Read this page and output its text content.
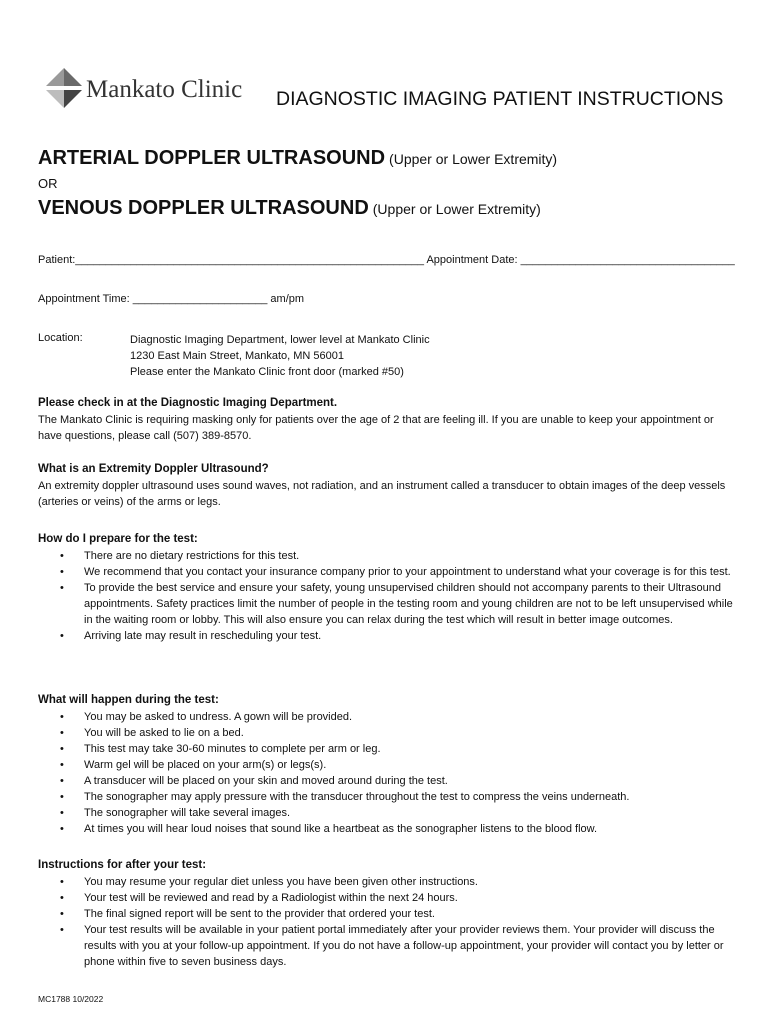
Mankato Clinic DIAGNOSTIC IMAGING PATIENT INSTRUCTIONS
ARTERIAL DOPPLER ULTRASOUND (Upper or Lower Extremity)
OR
VENOUS DOPPLER ULTRASOUND (Upper or Lower Extremity)
Patient:_________________________________________________________ Appointment Date: ___________________________________
Appointment Time: ______________________ am/pm
Location:	Diagnostic Imaging Department, lower level at Mankato Clinic
1230 East Main Street, Mankato, MN 56001
Please enter the Mankato Clinic front door (marked #50)
Please check in at the Diagnostic Imaging Department.

The Mankato Clinic is requiring masking only for patients over the age of 2 that are feeling ill. If you are unable to keep your appointment or have questions, please call (507) 389-8570.

What is an Extremity Doppler Ultrasound?

An extremity doppler ultrasound uses sound waves, not radiation, and an instrument called a transducer to obtain images of the deep vessels (arteries or veins) of the arms or legs.

How do I prepare for the test:
• There are no dietary restrictions for this test.
• We recommend that you contact your insurance company prior to your appointment to understand what your coverage is for this test.
• To provide the best service and ensure your safety, young unsupervised children should not accompany parents to their Ultrasound appointments. Safety practices limit the number of people in the testing room and young children are not to be left unsupervised while in the waiting room or lobby. This will also ensure you can relax during the test which will result in better image outcomes.
• Arriving late may result in rescheduling your test.
What will happen during the test:
• You may be asked to undress. A gown will be provided.
• You will be asked to lie on a bed.
• This test may take 30-60 minutes to complete per arm or leg.
• Warm gel will be placed on your arm(s) or legs(s).
• A transducer will be placed on your skin and moved around during the test.
• The sonographer may apply pressure with the transducer throughout the test to compress the veins underneath.
• The sonographer will take several images.
• At times you will hear loud noises that sound like a heartbeat as the sonographer listens to the blood flow.
Instructions for after your test:
• You may resume your regular diet unless you have been given other instructions.
• Your test will be reviewed and read by a Radiologist within the next 24 hours.
• The final signed report will be sent to the provider that ordered your test.
• Your test results will be available in your patient portal immediately after your provider reviews them. Your provider will discuss the results with you at your follow-up appointment. If you do not have a follow-up appointment, your provider will contact you by letter or phone within five to seven business days.
MC1788 10/2022
